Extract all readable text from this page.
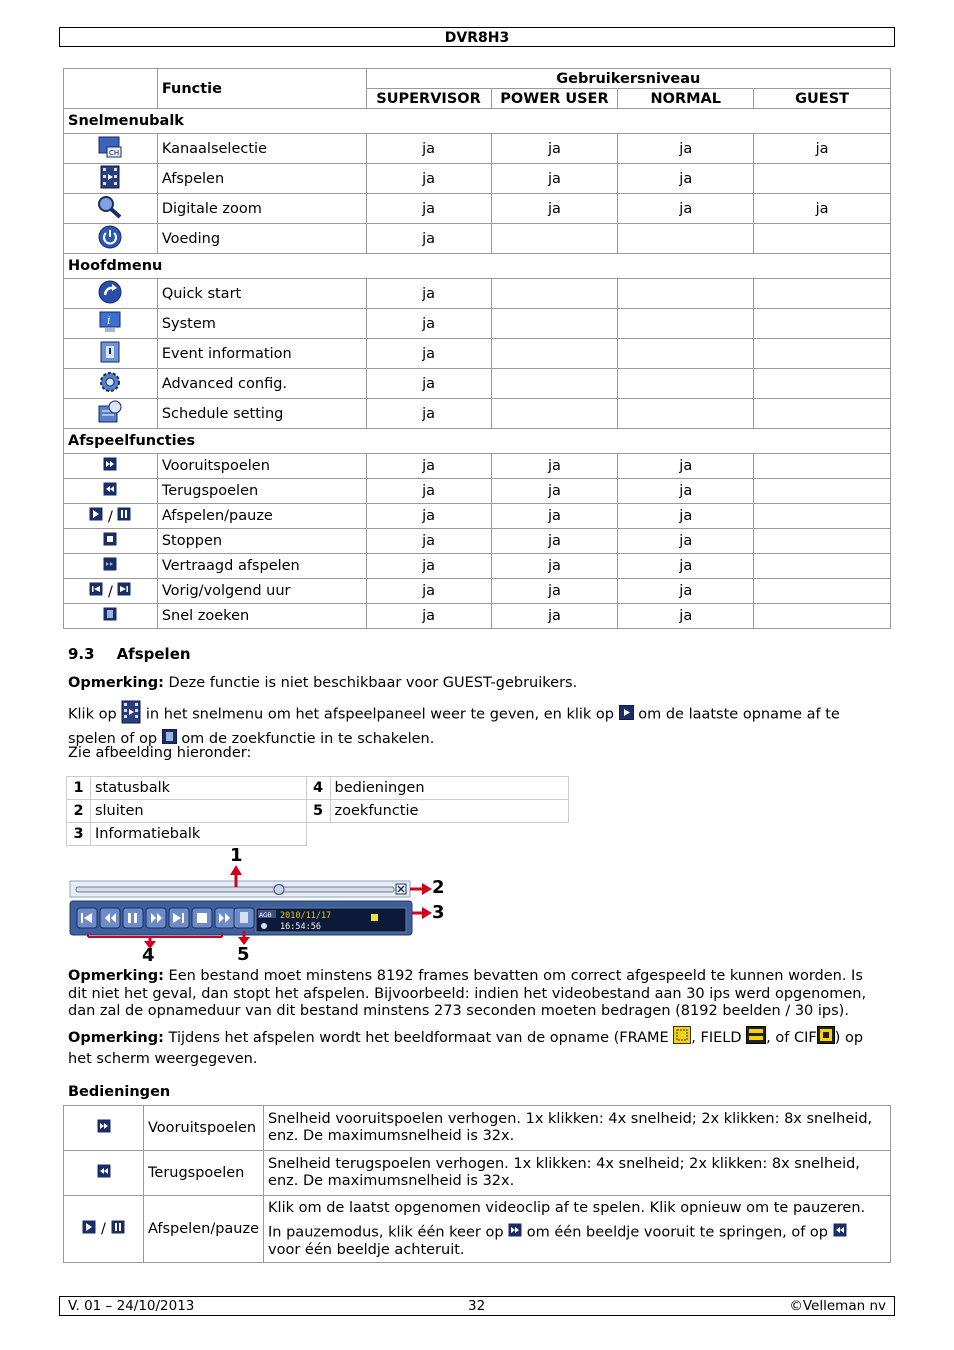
DVR8H3
	Functie	Gebruikersniveau			
		SUPERVISOR	POWER USER	NORMAL	GUEST
Snelmenubalk					

CH	Kanaalselectie	ja	ja	ja	ja
	Afspelen	ja	ja	ja	
	Digitale zoom	ja	ja	ja	ja
	Voeding	ja			
Hoofdmenu					
	Quick start	ja			

i	System	ja			
	Event information	ja			
	Advanced config.	ja			
	Schedule setting	ja			
Afspeelfuncties					
	Vooruitspoelen	ja	ja	ja	
	Terugspoelen	ja	ja	ja	
/	Afspelen/pauze	ja	ja	ja	
	Stoppen	ja	ja	ja	
	Vertraagd afspelen	ja	ja	ja	
/	Vorig/volgend uur	ja	ja	ja	
	Snel zoeken	ja	ja	ja	
9.3 Afspelen
Opmerking: Deze functie is niet beschikbaar voor GUEST-gebruikers.
Klik op  in het snelmenu om het afspeelpaneel weer te geven, en klik op  om de laatste opname af te
spelen of op  om de zoekfunctie in te schakelen.
Zie afbeelding hieronder:
1	statusbalk	4	bedieningen
2	sluiten	5	zoekfunctie
3	Informatiebalk		
AGB 2010/11/17
16:54:56
1
2
3
4	5
Opmerking: Een bestand moet minstens 8192 frames bevatten om correct afgespeeld te kunnen worden. Is
dit niet het geval, dan stopt het afspelen. Bijvoorbeeld: indien het videobestand aan 30 ips werd opgenomen,
dan zal de opnameduur van dit bestand minstens 273 seconden moeten bedragen (8192 beelden / 30 ips).
Opmerking: Tijdens het afspelen wordt het beeldformaat van de opname (FRAME , FIELD , of CIF ) op
het scherm weergegeven.
Bedieningen
	Vooruitspoelen	Snelheid vooruitspoelen verhogen. 1x klikken: 4x snelheid; 2x klikken: 8x snelheid,
enz. De maximumsnelheid is 32x.
	Terugspoelen	Snelheid terugspoelen verhogen. 1x klikken: 4x snelheid; 2x klikken: 8x snelheid,
enz. De maximumsnelheid is 32x.
/	Afspelen/pauze	Klik om de laatst opgenomen videoclip af te spelen. Klik opnieuw om te pauzeren.
In pauzemodus, klik één keer op  om één beeldje vooruit te springen, of op
voor één beeldje achteruit.
V. 01 – 24/10/2013	32	©Velleman nv
